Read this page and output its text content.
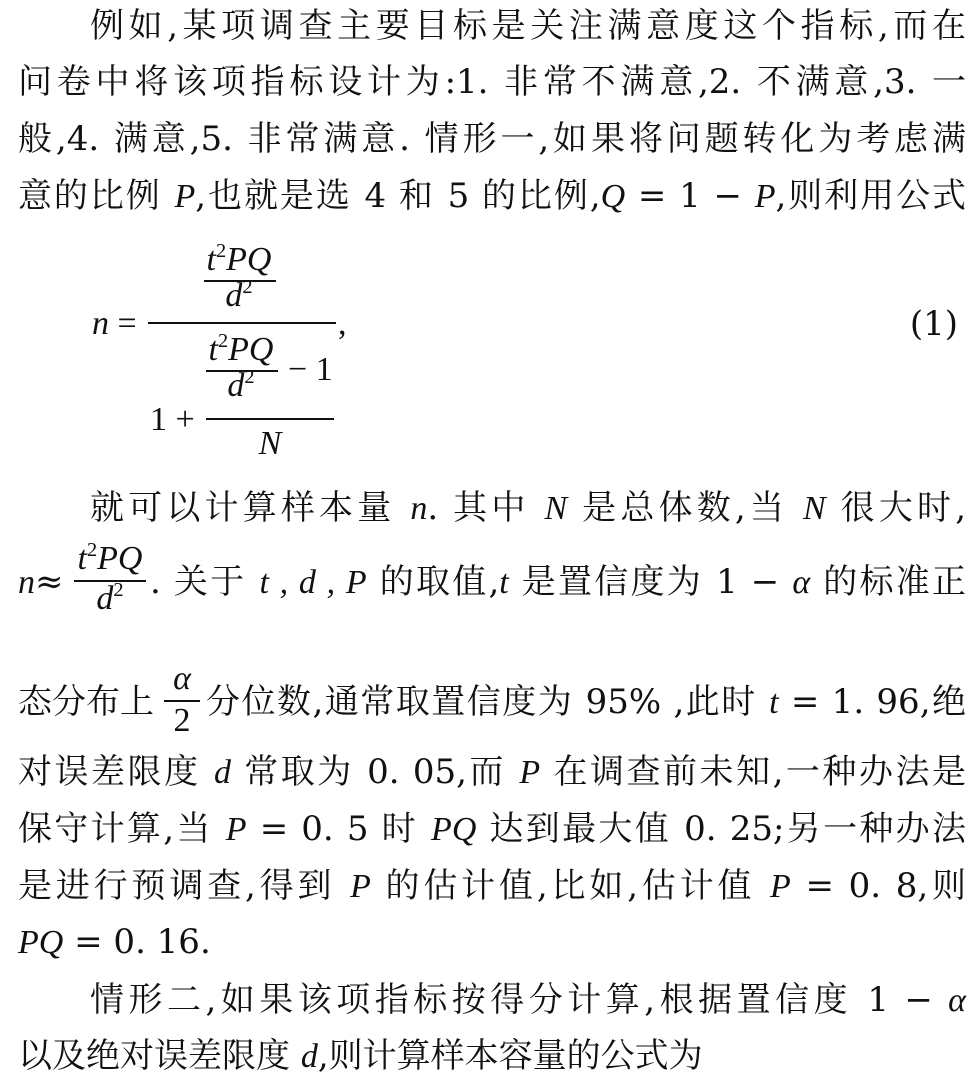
例如,某项调查主要目标是关注满意度这个指标,而在
问卷中将该项指标设计为:1. 非常不满意,2. 不满意,3. 一
般,4. 满意,5. 非常满意. 情形一,如果将问题转化为考虑满
意的比例 P,也就是选 4 和 5 的比例,Q = 1 − P,则利用公式
n =
$t^2PQ$
$d^2$
,
$t^2PQ$
$d^2 - 1$
1 +
N
(1)
就可以计算样本量 n. 其中 N 是总体数,当 N 很大时,
n≈
$t^2PQ$
$d^2$ . 关于 t , d , P 的取值,t 是置信度为 1 − α 的标准正
态分布上
α
2 分位数,通常取置信度为 95% ,此时 t = 1. 96,绝
对误差限度 d 常取为 0. 05,而 P 在调查前未知,一种办法是
保守计算,当 P = 0. 5 时 PQ 达到最大值 0. 25;另一种办法
是进行预调查,得到 P 的估计值,比如,估计值 P = 0. 8,则
PQ = 0. 16.
情形二,如果该项指标按得分计算,根据置信度 1 − α
以及绝对误差限度 d,则计算样本容量的公式为
